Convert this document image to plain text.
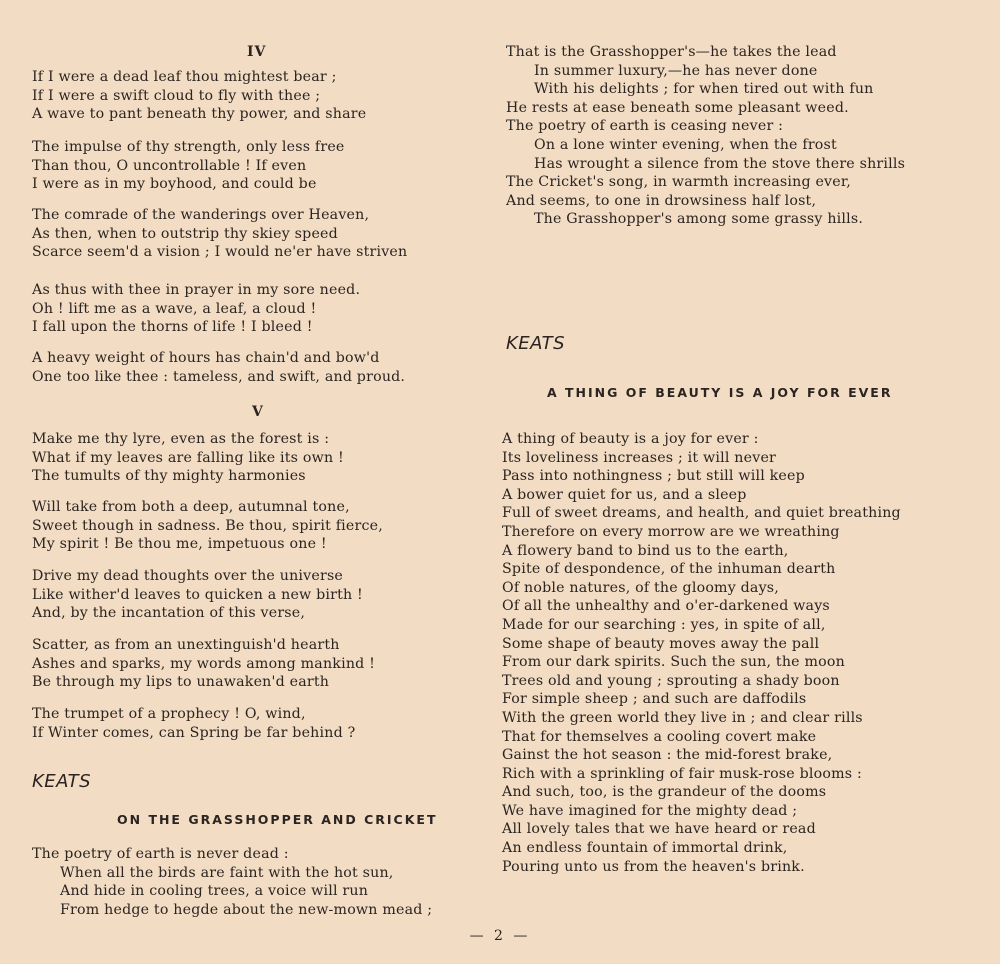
IV
If I were a dead leaf thou mightest bear ;
If I were a swift cloud to fly with thee ;
A wave to pant beneath thy power, and share
The impulse of thy strength, only less free
Than thou, O uncontrollable ! If even
I were as in my boyhood, and could be
The comrade of the wanderings over Heaven,
As then, when to outstrip thy skiey speed
Scarce seem'd a vision ; I would ne'er have striven
As thus with thee in prayer in my sore need.
Oh ! lift me as a wave, a leaf, a cloud !
I fall upon the thorns of life ! I bleed !
A heavy weight of hours has chain'd and bow'd
One too like thee : tameless, and swift, and proud.
V
Make me thy lyre, even as the forest is :
What if my leaves are falling like its own !
The tumults of thy mighty harmonies
Will take from both a deep, autumnal tone,
Sweet though in sadness. Be thou, spirit fierce,
My spirit ! Be thou me, impetuous one !
Drive my dead thoughts over the universe
Like wither'd leaves to quicken a new birth !
And, by the incantation of this verse,
Scatter, as from an unextinguish'd hearth
Ashes and sparks, my words among mankind !
Be through my lips to unawaken'd earth
The trumpet of a prophecy ! O, wind,
If Winter comes, can Spring be far behind ?
KEATS
ON THE GRASSHOPPER AND CRICKET
The poetry of earth is never dead :
When all the birds are faint with the hot sun,
And hide in cooling trees, a voice will run
From hedge to hegde about the new-mown mead ;
That is the Grasshopper's—he takes the lead
In summer luxury,—he has never done
With his delights ; for when tired out with fun
He rests at ease beneath some pleasant weed.
The poetry of earth is ceasing never :
On a lone winter evening, when the frost
Has wrought a silence from the stove there shrills
The Cricket's song, in warmth increasing ever,
And seems, to one in drowsiness half lost,
The Grasshopper's among some grassy hills.
KEATS
A THING OF BEAUTY IS A JOY FOR EVER
A thing of beauty is a joy for ever :
Its loveliness increases ; it will never
Pass into nothingness ; but still will keep
A bower quiet for us, and a sleep
Full of sweet dreams, and health, and quiet breathing
Therefore on every morrow are we wreathing
A flowery band to bind us to the earth,
Spite of despondence, of the inhuman dearth
Of noble natures, of the gloomy days,
Of all the unhealthy and o'er-darkened ways
Made for our searching : yes, in spite of all,
Some shape of beauty moves away the pall
From our dark spirits. Such the sun, the moon
Trees old and young ; sprouting a shady boon
For simple sheep ; and such are daffodils
With the green world they live in ; and clear rills
That for themselves a cooling covert make
Gainst the hot season : the mid-forest brake,
Rich with a sprinkling of fair musk-rose blooms :
And such, too, is the grandeur of the dooms
We have imagined for the mighty dead ;
All lovely tales that we have heard or read
An endless fountain of immortal drink,
Pouring unto us from the heaven's brink.
— 2 —
